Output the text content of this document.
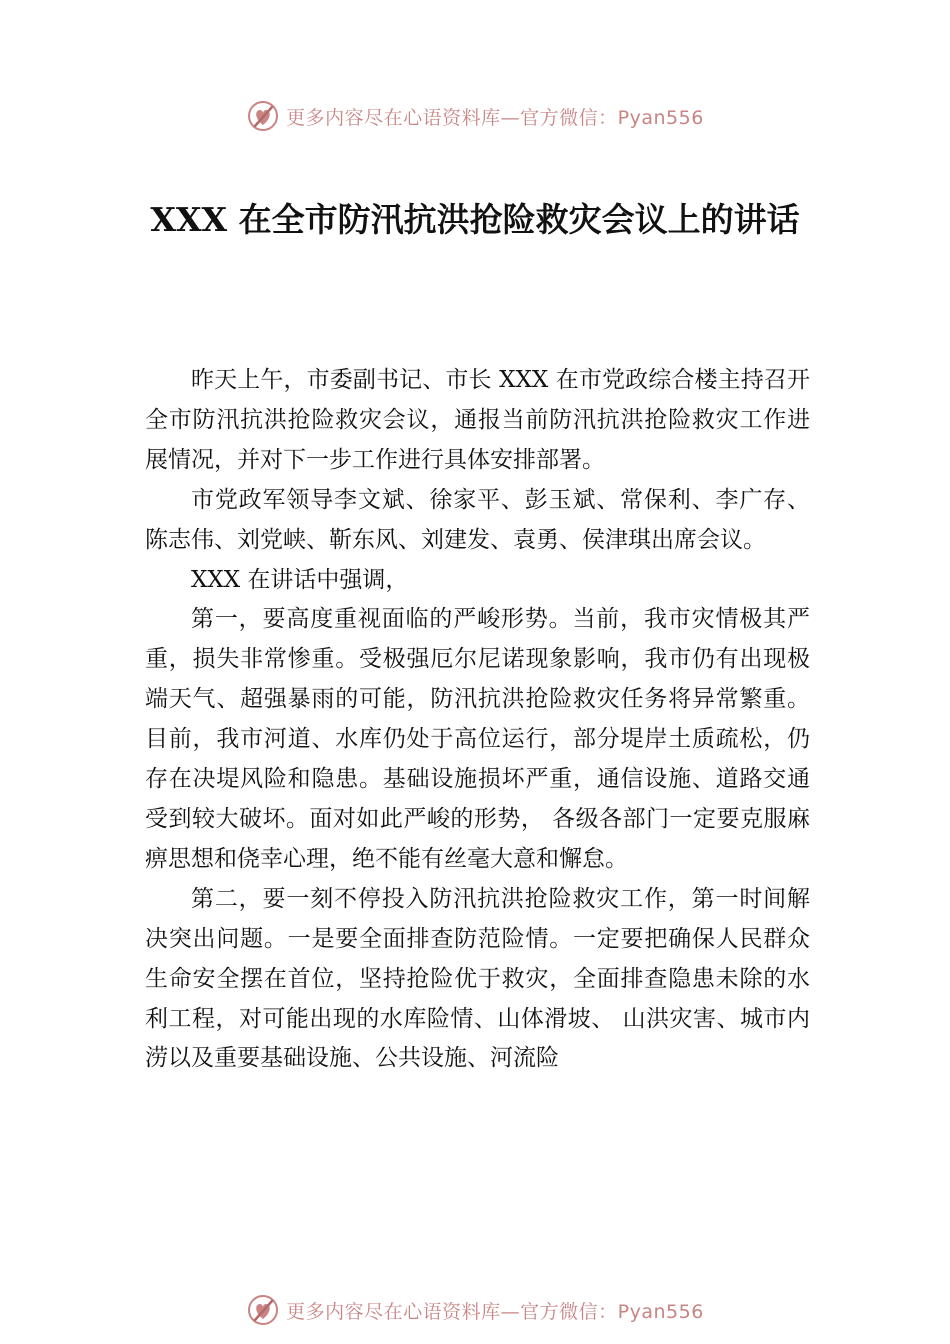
更多内容尽在心语资料库—官方微信：Pyan556
XXX 在全市防汛抗洪抢险救灾会议上的讲话

昨天上午，市委副书记、市长 XXX 在市党政综合楼主持召开全市防汛抗洪抢险救灾会议，通报当前防汛抗洪抢险救灾工作进展情况，并对下一步工作进行具体安排部署。

市党政军领导李文斌、徐家平、彭玉斌、常保利、李广存、陈志伟、刘党峡、靳东风、刘建发、袁勇、侯津琪出席会议。

XXX 在讲话中强调，

第一，要高度重视面临的严峻形势。当前，我市灾情极其严重，损失非常惨重。受极强厄尔尼诺现象影响，我市仍有出现极端天气、超强暴雨的可能，防汛抗洪抢险救灾任务将异常繁重。目前，我市河道、水库仍处于高位运行，部分堤岸土质疏松，仍存在决堤风险和隐患。基础设施损坏严重，通信设施、道路交通受到较大破坏。面对如此严峻的形势， 各级各部门一定要克服麻痹思想和侥幸心理，绝不能有丝毫大意和懈怠。

第二，要一刻不停投入防汛抗洪抢险救灾工作，第一时间解决突出问题。一是要全面排查防范险情。一定要把确保人民群众生命安全摆在首位，坚持抢险优于救灾，全面排查隐患未除的水利工程，对可能出现的水库险情、山体滑坡、 山洪灾害、城市内涝以及重要基础设施、公共设施、河流险

更多内容尽在心语资料库—官方微信：Pyan556
